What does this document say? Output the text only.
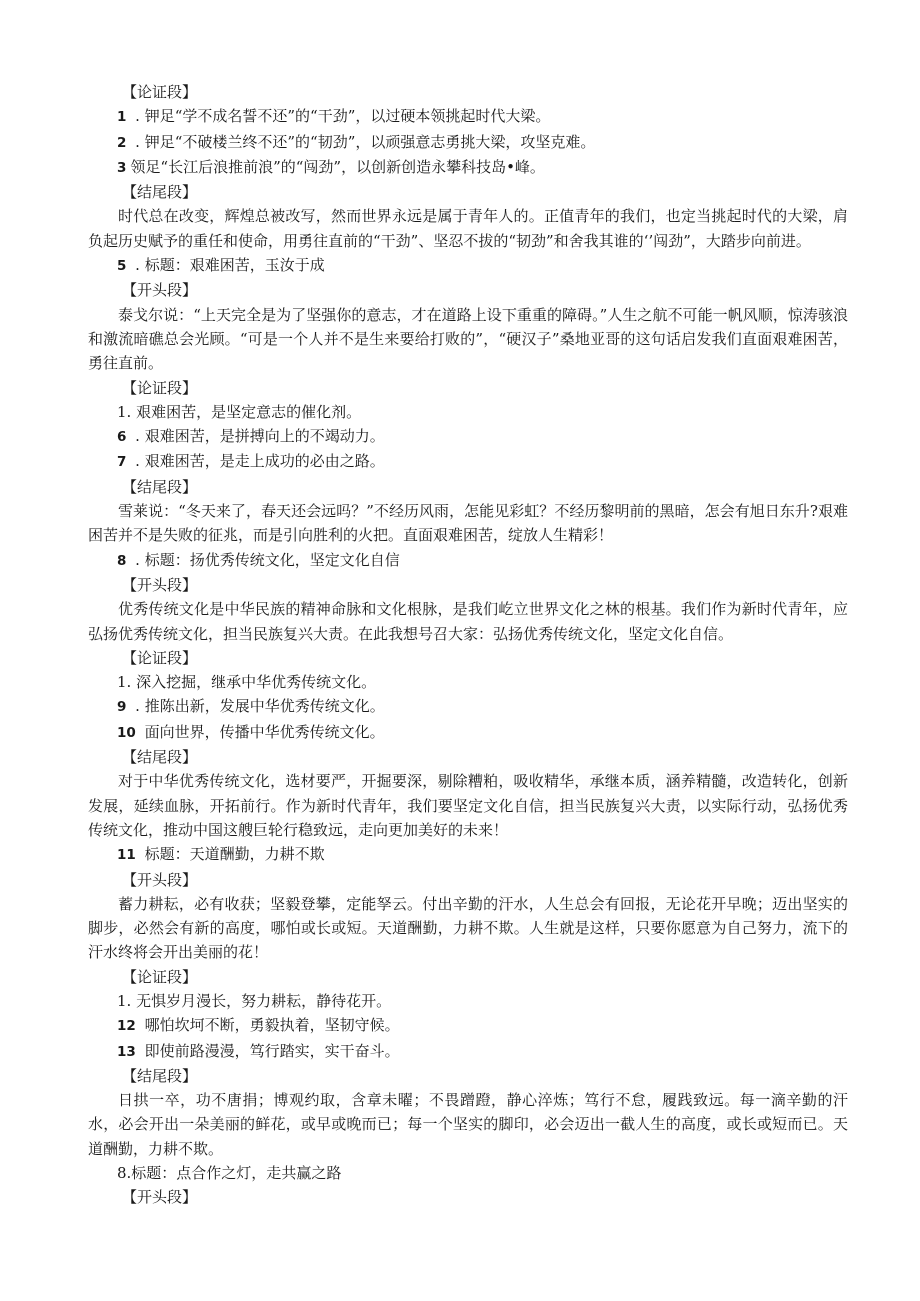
【论证段】
1 . 钾足“学不成名誓不还”的“干劲”，以过硬本领挑起时代大梁。
2 . 钾足“不破楼兰终不还”的“韧劲”，以顽强意志勇挑大梁，攻坚克难。
3 领足“长江后浪推前浪”的“闯劲”，以创新创造永攀科技岛•峰。
【结尾段】

时代总在改变，辉煌总被改写，然而世界永远是属于青年人的。正值青年的我们，也定当挑起时代的大梁，肩负起历史赋予的重任和使命，用勇往直前的“干劲”、坚忍不拔的“韧劲”和舍我其谁的‘’闯劲”，大踏步向前进。

5 . 标题：艰难困苦，玉汝于成
【开头段】

泰戈尔说：“上天完全是为了坚强你的意志，才在道路上设下重重的障碍。”人生之航不可能一帆风顺，惊涛骇浪和激流暗礁总会光顾。“可是一个人并不是生来要给打败的”，“硬汉子”桑地亚哥的这句话启发我们直面艰难困苦，勇往直前。

【论证段】
1. 艰难困苦，是坚定意志的催化剂。
6 . 艰难困苦，是拼搏向上的不竭动力。
7 . 艰难困苦，是走上成功的必由之路。
【结尾段】

雪莱说：“冬天来了，春天还会远吗？”不经历风雨，怎能见彩虹？不经历黎明前的黑暗，怎会有旭日东升?艰难困苦并不是失败的征兆，而是引向胜利的火把。直面艰难困苦，绽放人生精彩！

8 . 标题：扬优秀传统文化，坚定文化自信
【开头段】

优秀传统文化是中华民族的精神命脉和文化根脉，是我们屹立世界文化之林的根基。我们作为新时代青年，应弘扬优秀传统文化，担当民族复兴大责。在此我想号召大家：弘扬优秀传统文化，坚定文化自信。

【论证段】
1. 深入挖掘，继承中华优秀传统文化。
9 . 推陈出新，发展中华优秀传统文化。
10 面向世界，传播中华优秀传统文化。
【结尾段】

对于中华优秀传统文化，选材要严，开掘要深，剔除糟粕，吸收精华，承继本质，涵养精髓，改造转化，创新发展，延续血脉，开拓前行。作为新时代青年，我们要坚定文化自信，担当民族复兴大责，以实际行动，弘扬优秀传统文化，推动中国这艘巨轮行稳致远，走向更加美好的未来！

11 标题：天道酬勤，力耕不欺
【开头段】

蓄力耕耘，必有收获；坚毅登攀，定能孥云。付出辛勤的汗水，人生总会有回报，无论花开早晚；迈出坚实的脚步，必然会有新的高度，哪怕或长或短。天道酬勤，力耕不欺。人生就是这样，只要你愿意为自己努力，流下的汗水终将会开出美丽的花！

【论证段】
1. 无惧岁月漫长，努力耕耘，静待花开。
12 哪怕坎坷不断，勇毅执着，坚韧守候。
13 即使前路漫漫，笃行踏实，实干奋斗。
【结尾段】

日拱一卒，功不唐捐；博观约取，含章未曜；不畏蹭蹬，静心淬炼；笃行不怠，履践致远。每一滴辛勤的汗水，必会开出一朵美丽的鲜花，或早或晚而已；每一个坚实的脚印，必会迈出一截人生的高度，或长或短而已。天道酬勤，力耕不欺。

8.标题：点合作之灯，走共赢之路
【开头段】
